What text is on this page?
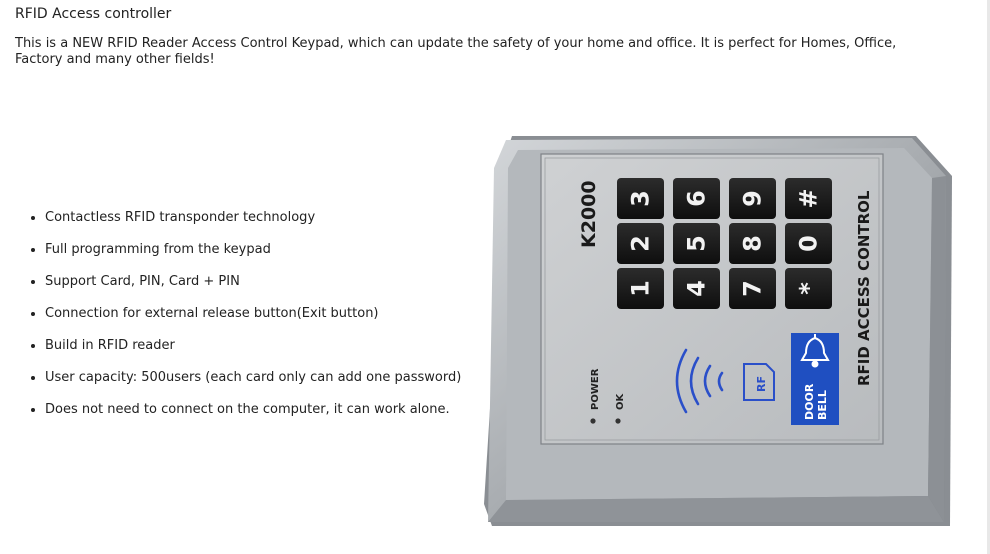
RFID Access controller
This is a NEW RFID Reader Access Control Keypad, which can update the safety of your home and office. It is perfect for Homes, Office, Factory and many other fields!
• Contactless RFID transponder technology
• Full programming from the keypad
• Support Card, PIN, Card + PIN
• Connection for external release button(Exit button)
• Build in RFID reader
• User capacity: 500users (each card only can add one password)
• Does not need to connect on the computer, it can work alone.
K2000 3 6 9 #
2 5 8 0
1 4 7 * RFID ACCESS CONTROL
RF	DOOR BELL
POWER OK
